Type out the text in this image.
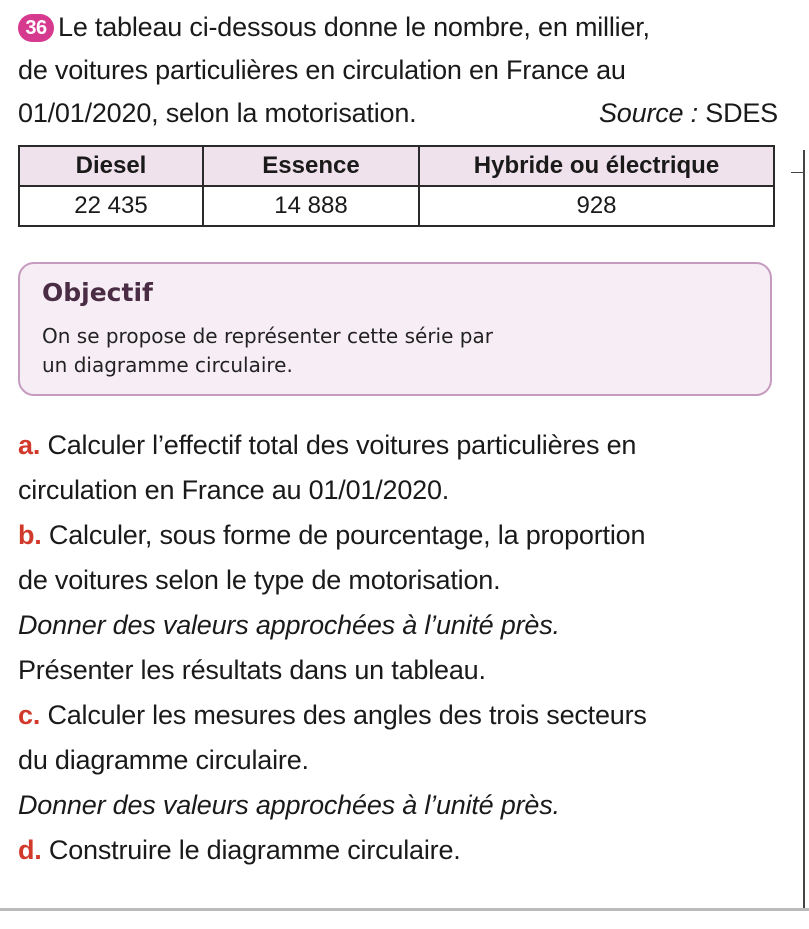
36 Le tableau ci-dessous donne le nombre, en millier,
de voitures particulières en circulation en France au
01/01/2020, selon la motorisation.	Source : SDES
Diesel	Essence	Hybride ou électrique
22 435	14 888	928
Objectif
On se propose de représenter cette série par
un diagramme circulaire.
a. Calculer l’effectif total des voitures particulières en
circulation en France au 01/01/2020.
b. Calculer, sous forme de pourcentage, la proportion
de voitures selon le type de motorisation.
Donner des valeurs approchées à l’unité près.
Présenter les résultats dans un tableau.
c. Calculer les mesures des angles des trois secteurs
du diagramme circulaire.
Donner des valeurs approchées à l’unité près.
d. Construire le diagramme circulaire.
